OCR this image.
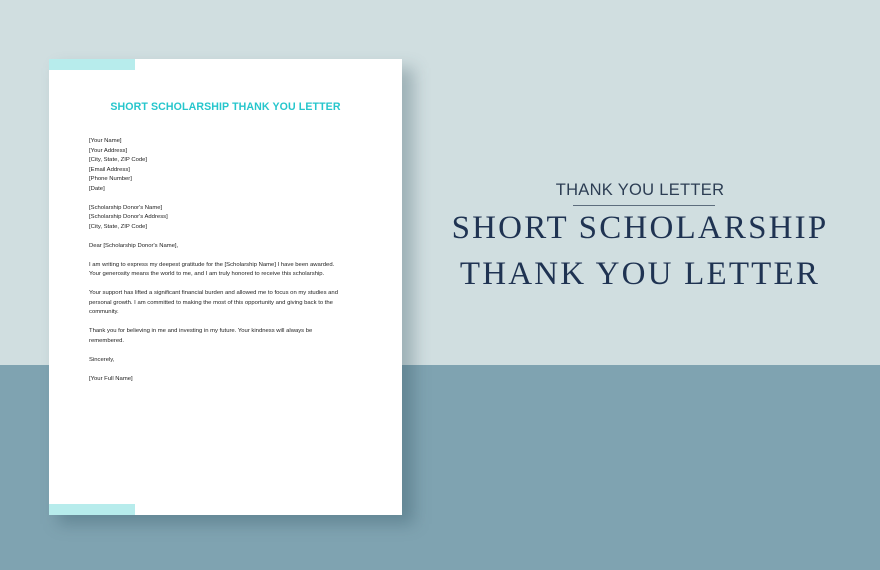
SHORT SCHOLARSHIP THANK YOU LETTER
[Your Name]
[Your Address]
[City, State, ZIP Code]
[Email Address]
[Phone Number]
[Date]
[Scholarship Donor's Name]
[Scholarship Donor's Address]
[City, State, ZIP Code]
Dear [Scholarship Donor's Name],
I am writing to express my deepest gratitude for the [Scholarship Name] I have been awarded.
Your generosity means the world to me, and I am truly honored to receive this scholarship.
Your support has lifted a significant financial burden and allowed me to focus on my studies and
personal growth. I am committed to making the most of this opportunity and giving back to the
community.
Thank you for believing in me and investing in my future. Your kindness will always be
remembered.
Sincerely,
[Your Full Name]
THANK YOU LETTER
SHORT SCHOLARSHIP
THANK YOU LETTER
